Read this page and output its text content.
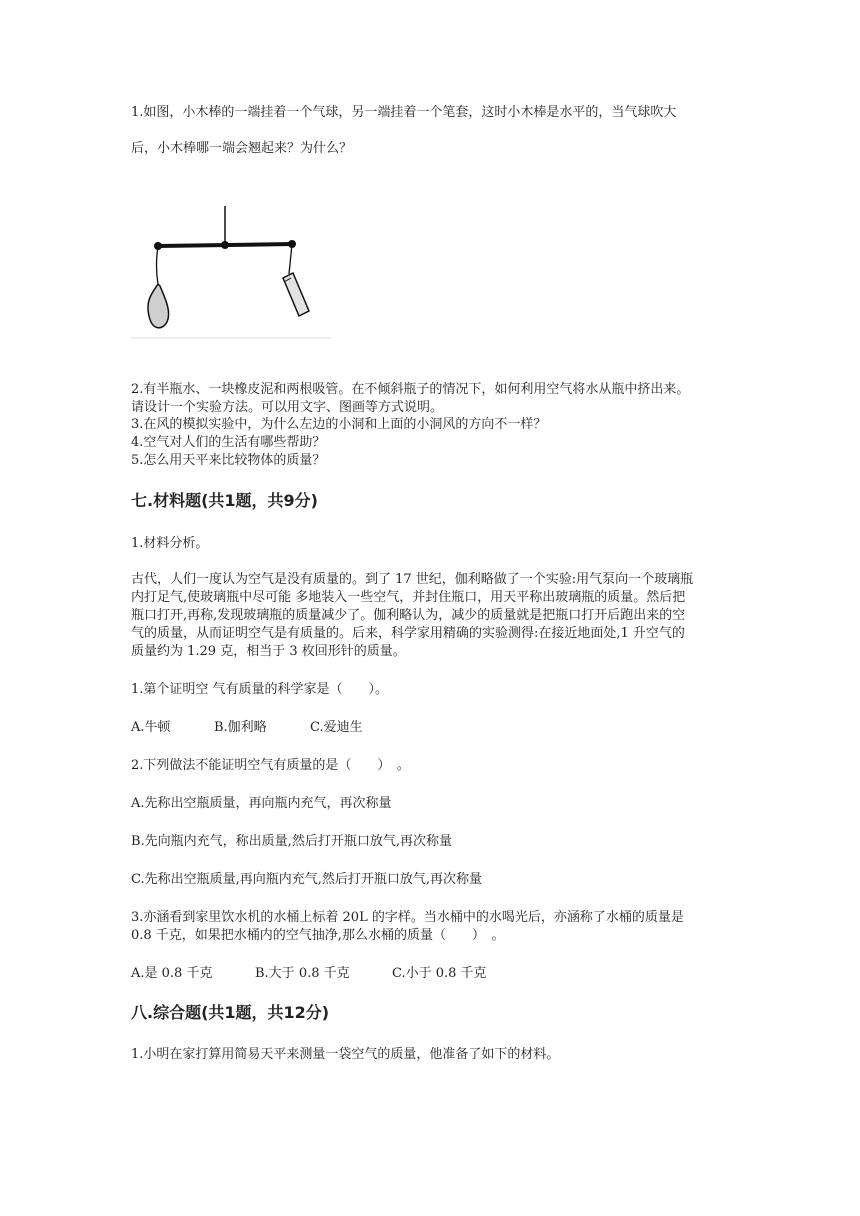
1.如图，小木棒的一端挂着一个气球，另一端挂着一个笔套，这时小木棒是水平的，当气球吹大
后，小木棒哪一端会翘起来？为什么？
2.有半瓶水、一块橡皮泥和两根吸管。在不倾斜瓶子的情况下，如何利用空气将水从瓶中挤出来。
请设计一个实验方法。可以用文字、图画等方式说明。
3.在风的模拟实验中，为什么左边的小洞和上面的小洞风的方向不一样？
4.空气对人们的生活有哪些帮助？
5.怎么用天平来比较物体的质量？
七.材料题(共1题，共9分)
1.材料分析。
古代，人们一度认为空气是没有质量的。到了 17 世纪，伽利略做了一个实验:用气泵向一个玻璃瓶
内打足气,使玻璃瓶中尽可能 多地装入一些空气，并封住瓶口，用天平称出玻璃瓶的质量。然后把
瓶口打开,再称,发现玻璃瓶的质量减少了。伽利略认为，减少的质量就是把瓶口打开后跑出来的空
气的质量，从而证明空气是有质量的。后来，科学家用精确的实验测得:在接近地面处,1 升空气的
质量约为 1.29 克，相当于 3 枚回形针的质量。
1.第个证明空 气有质量的科学家是（　　）。
A.牛顿	B.伽利略	C.爱迪生
2.下列做法不能证明空气有质量的是（　　）　。
A.先称出空瓶质量，再向瓶内充气，再次称量
B.先向瓶内充气，称出质量,然后打开瓶口放气,再次称量
C.先称出空瓶质量,再向瓶内充气,然后打开瓶口放气,再次称量
3.亦涵看到家里饮水机的水桶上标着 20L 的字样。当水桶中的水喝光后，亦涵称了水桶的质量是
0.8 千克，如果把水桶内的空气抽净,那么水桶的质量（　　）　。
A.是 0.8 千克	B.大于 0.8 千克	C.小于 0.8 千克
八.综合题(共1题，共12分)
1.小明在家打算用简易天平来测量一袋空气的质量，他准备了如下的材料。
